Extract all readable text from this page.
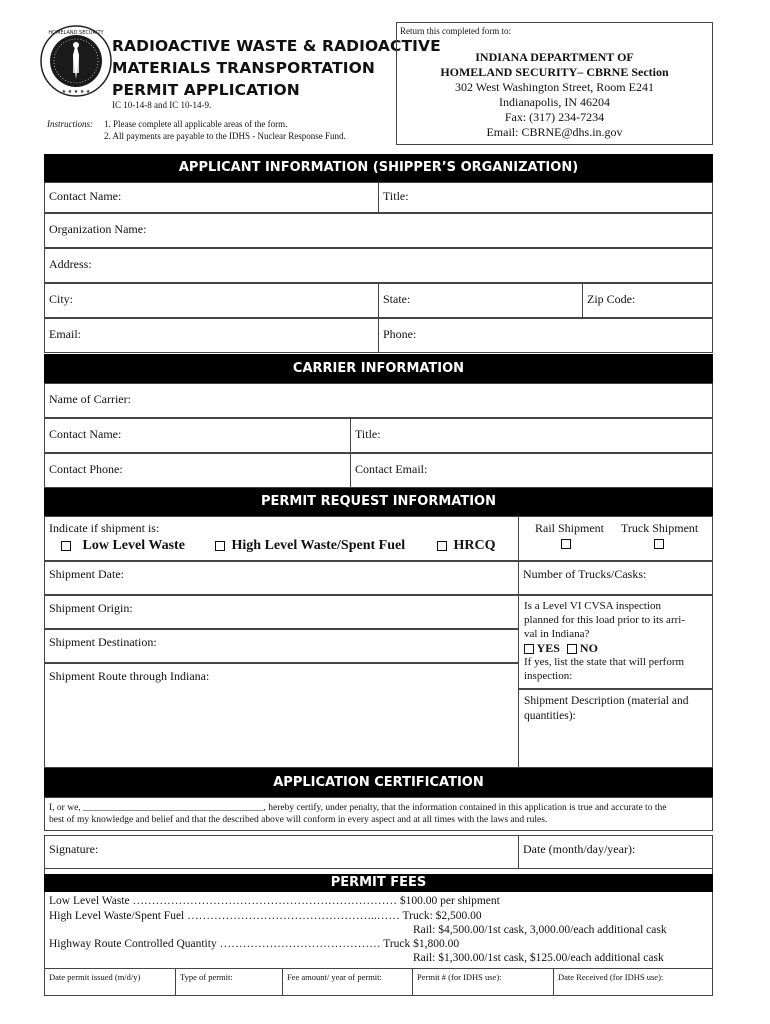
HOMELAND SECURITY
★ ★ ★ ★ ★
RADIOACTIVE WASTE & RADIOACTIVE
MATERIALS TRANSPORTATION
PERMIT APPLICATION
IC 10-14-8 and IC 10-14-9.
Instructions: 1. Please complete all applicable areas of the form.
2. All payments are payable to the IDHS - Nuclear Response Fund.
Return this completed form to:
INDIANA DEPARTMENT OF
HOMELAND SECURITY– CBRNE Section
302 West Washington Street, Room E241
Indianapolis, IN 46204
Fax: (317) 234-7234
Email: CBRNE@dhs.in.gov
APPLICANT INFORMATION (SHIPPER’S ORGANIZATION)
Contact Name:	Title:
Organization Name:
Address:
City:	State:	Zip Code:
Email:	Phone:
CARRIER INFORMATION
Name of Carrier:
Contact Name:	Title:
Contact Phone:	Contact Email:
PERMIT REQUEST INFORMATION
Indicate if shipment is:
Low Level Waste	High Level Waste/Spent Fuel	HRCQ
Rail Shipment Truck Shipment
Shipment Date:	Number of Trucks/Casks:
Shipment Origin:
Shipment Destination:
Shipment Route through Indiana:
Is a Level VI CVSA inspection
planned for this load prior to its arri-
val in Indiana?
YES NO
If yes, list the state that will perform
inspection:
Shipment Description (material and
quantities):
APPLICATION CERTIFICATION
I, or we, ______________________________________, hereby certify, under penalty, that the information contained in this application is true and accurate to the
best of my knowledge and belief and that the described above will conform in every aspect and at all times with the laws and rules.
Signature:	Date (month/day/year):
PERMIT FEES
Low Level Waste …………………………………………………………… $100.00 per shipment
High Level Waste/Spent Fuel …………………………………………..…… Truck: $2,500.00
Rail: $4,500.00/1st cask, 3,000.00/each additional cask
Highway Route Controlled Quantity …………………………………… Truck $1,800.00
Rail: $1,300.00/1st cask, $125.00/each additional cask
Date permit issued (m/d/y)	Type of permit:	Fee amount/ year of permit:	Permit # (for IDHS use):	Date Received (for IDHS use):
